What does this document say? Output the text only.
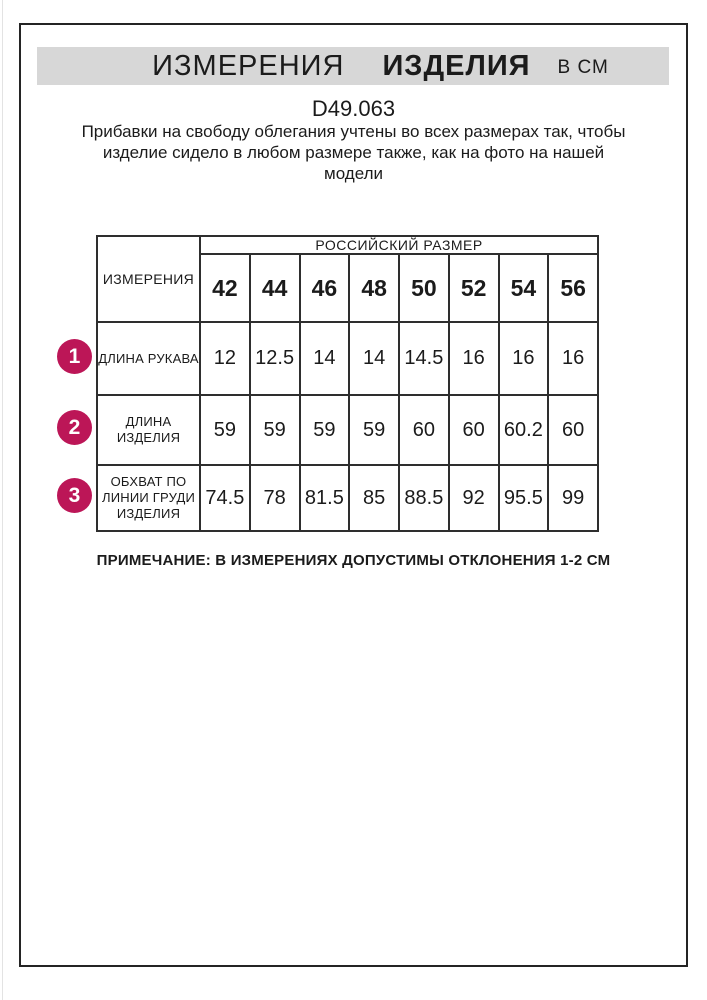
ИЗМЕРЕНИЯ ИЗДЕЛИЯ В СМ
D49.063
Прибавки на свободу облегания учтены во всех размерах так, чтобы изделие сидело в любом размере также, как на фото на нашей модели
1
2
3
ИЗМЕРЕНИЯ	РОССИЙСКИЙ РАЗМЕР							
	42	44	46	48	50	52	54	56
ДЛИНА РУКАВА	12	12.5	14	14	14.5	16	16	16
ДЛИНА ИЗДЕЛИЯ	59	59	59	59	60	60	60.2	60
ОБХВАТ ПО ЛИНИИ ГРУДИ ИЗДЕЛИЯ	74.5	78	81.5	85	88.5	92	95.5	99
ПРИМЕЧАНИЕ: В ИЗМЕРЕНИЯХ ДОПУСТИМЫ ОТКЛОНЕНИЯ 1-2 СМ
